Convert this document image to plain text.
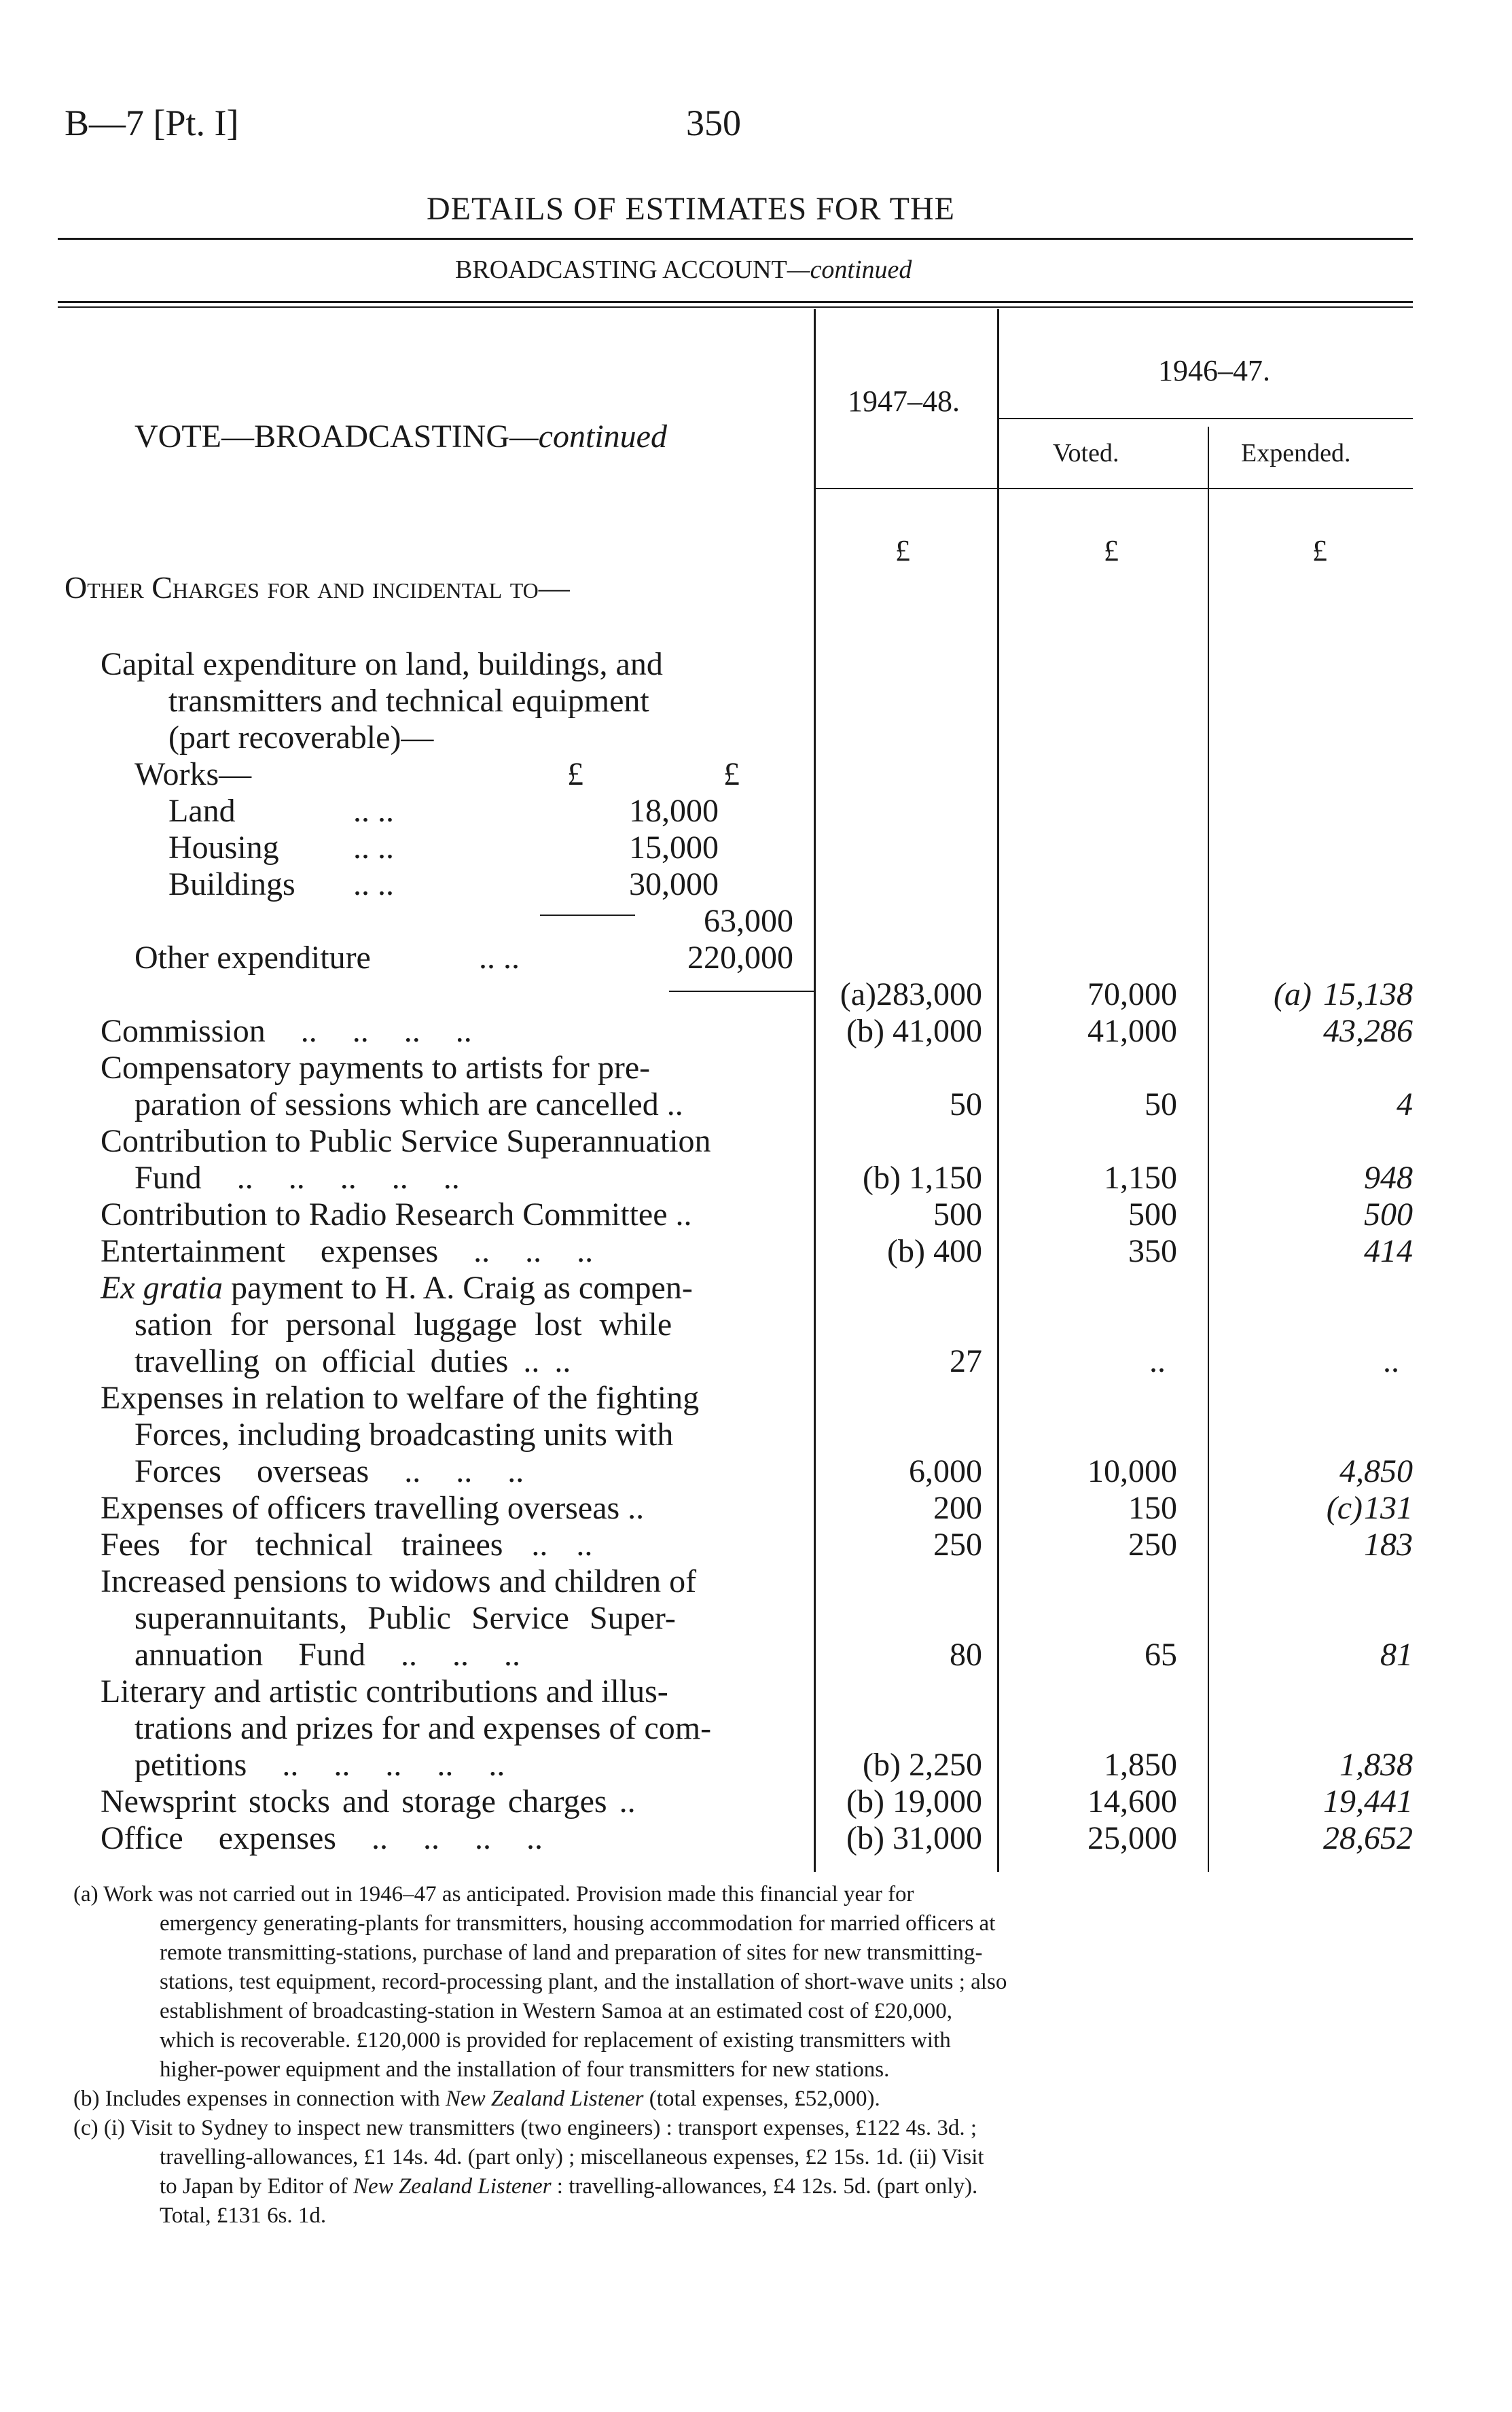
B—7 [Pt. I]	350
DETAILS OF ESTIMATES FOR THE
BROADCASTING ACCOUNT—continued
VOTE—BROADCASTING—continued
1947–48.
1946–47.
Voted.	Expended.
£	£	£
Other Charges for and incidental to—
Capital expenditure on land, buildings, and
transmitters and technical equipment
(part recoverable)—
Works—	£	£
Land	.. ..	18,000
Housing .. ..	15,000
Buildings .. ..	30,000
63,000
Other expenditure	.. ..	220,000
(a)283,000	70,000	(a) 15,138
Commission .. .. .. ..	(b) 41,000	41,000	43,286
Compensatory payments to artists for pre-
paration of sessions which are cancelled ..	50	50	4
Contribution to Public Service Superannuation
Fund .. .. .. .. ..	(b) 1,150	1,150	948
Contribution to Radio Research Committee ..	500	500	500
Entertainment expenses .. .. ..	(b) 400	350	414
Ex gratia payment to H. A. Craig as compen-
sation for personal luggage lost while
travelling on official duties .. ..	27	..	..
Expenses in relation to welfare of the fighting
Forces, including broadcasting units with
Forces overseas .. .. ..	6,000	10,000	4,850
Expenses of officers travelling overseas ..	200	150	(c) 131
Fees for technical trainees .. ..	250	250	183
Increased pensions to widows and children of
superannuitants, Public Service Super-
annuation Fund .. .. ..	80	65	81
Literary and artistic contributions and illus-
trations and prizes for and expenses of com-
petitions .. .. .. .. ..	(b) 2,250	1,850	1,838
Newsprint stocks and storage charges ..	(b) 19,000	14,600	19,441
Office expenses .. .. .. ..	(b) 31,000	25,000	28,652
(a) Work was not carried out in 1946–47 as anticipated. Provision made this financial year for
emergency generating-plants for transmitters, housing accommodation for married officers at
remote transmitting-stations, purchase of land and preparation of sites for new transmitting-
stations, test equipment, record-processing plant, and the installation of short-wave units ; also
establishment of broadcasting-station in Western Samoa at an estimated cost of £20,000,
which is recoverable. £120,000 is provided for replacement of existing transmitters with
higher-power equipment and the installation of four transmitters for new stations.
(b) Includes expenses in connection with New Zealand Listener (total expenses, £52,000).
(c) (i) Visit to Sydney to inspect new transmitters (two engineers) : transport expenses, £122 4s. 3d. ;
travelling-allowances, £1 14s. 4d. (part only) ; miscellaneous expenses, £2 15s. 1d. (ii) Visit
to Japan by Editor of New Zealand Listener : travelling-allowances, £4 12s. 5d. (part only).
Total, £131 6s. 1d.
